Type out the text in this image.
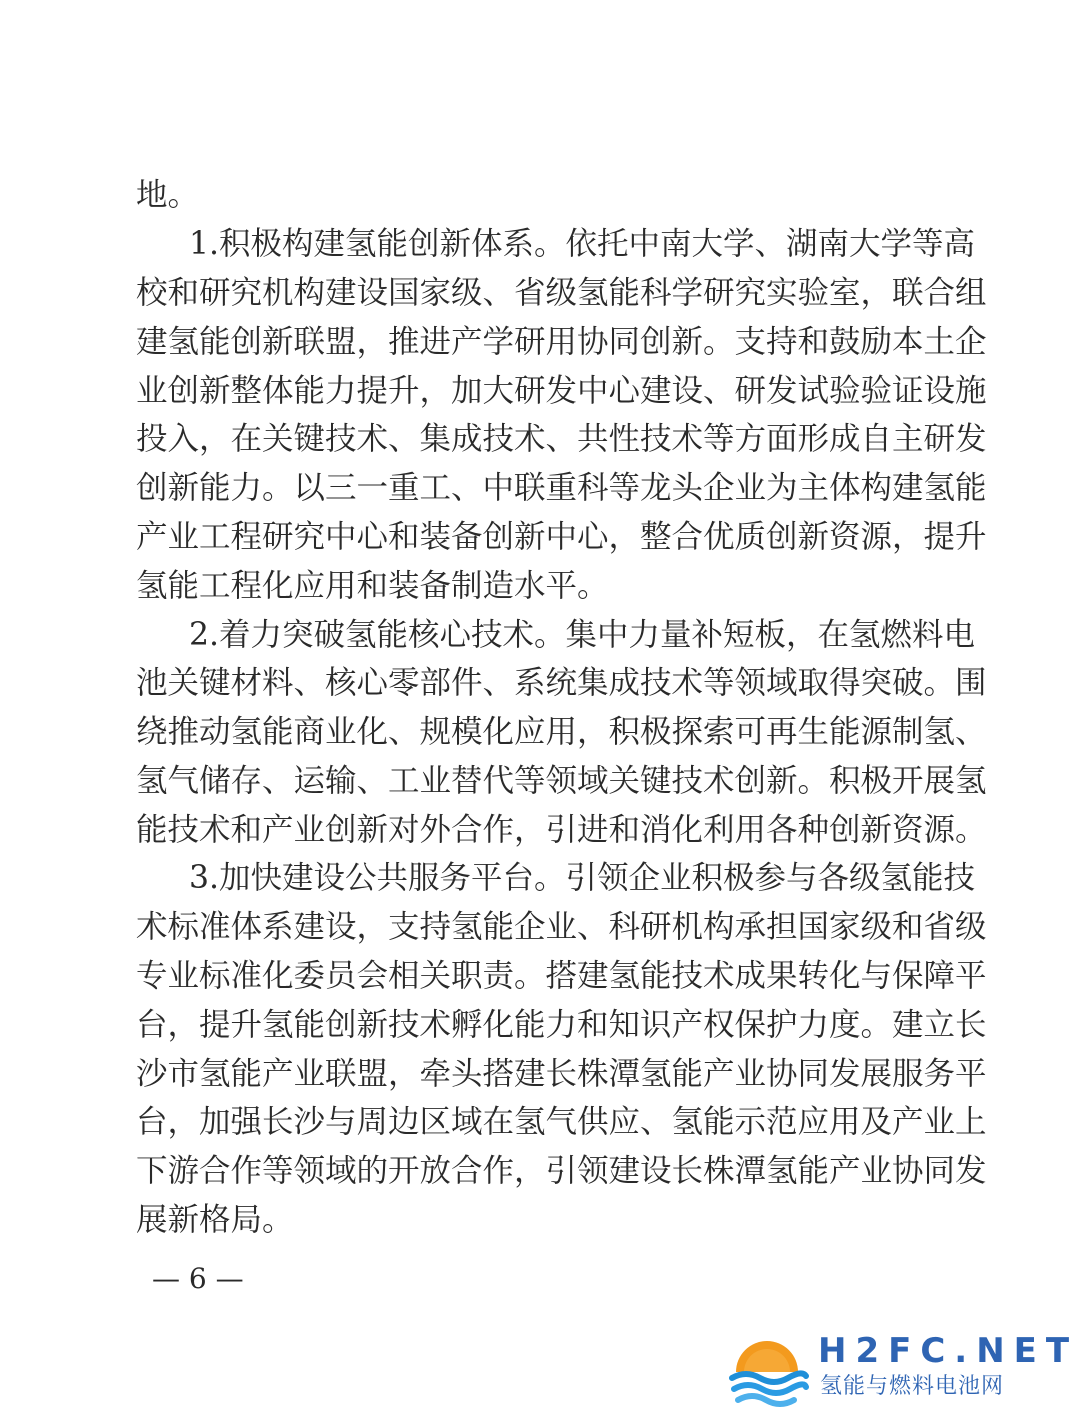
地。
1.积极构建氢能创新体系。依托中南大学、湖南大学等高
校和研究机构建设国家级、省级氢能科学研究实验室，联合组
建氢能创新联盟，推进产学研用协同创新。支持和鼓励本土企
业创新整体能力提升，加大研发中心建设、研发试验验证设施
投入，在关键技术、集成技术、共性技术等方面形成自主研发
创新能力。以三一重工、中联重科等龙头企业为主体构建氢能
产业工程研究中心和装备创新中心，整合优质创新资源，提升
氢能工程化应用和装备制造水平。
2.着力突破氢能核心技术。集中力量补短板，在氢燃料电
池关键材料、核心零部件、系统集成技术等领域取得突破。围
绕推动氢能商业化、规模化应用，积极探索可再生能源制氢、
氢气储存、运输、工业替代等领域关键技术创新。积极开展氢
能技术和产业创新对外合作，引进和消化利用各种创新资源。
3.加快建设公共服务平台。引领企业积极参与各级氢能技
术标准体系建设，支持氢能企业、科研机构承担国家级和省级
专业标准化委员会相关职责。搭建氢能技术成果转化与保障平
台，提升氢能创新技术孵化能力和知识产权保护力度。建立长
沙市氢能产业联盟，牵头搭建长株潭氢能产业协同发展服务平
台，加强长沙与周边区域在氢气供应、氢能示范应用及产业上
下游合作等领域的开放合作，引领建设长株潭氢能产业协同发
展新格局。
— 6 —
H2FC.NET
氢能与燃料电池网
